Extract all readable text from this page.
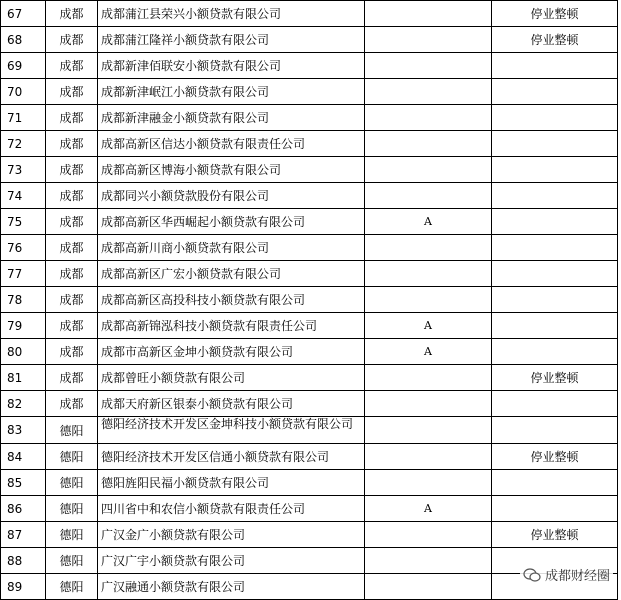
67	成都	成都蒲江县荣兴小额贷款有限公司		停业整顿
68	成都	成都蒲江隆祥小额贷款有限公司		停业整顿
69	成都	成都新津佰联安小额贷款有限公司		
70	成都	成都新津岷江小额贷款有限公司		
71	成都	成都新津融金小额贷款有限公司		
72	成都	成都高新区信达小额贷款有限责任公司		
73	成都	成都高新区博海小额贷款有限公司		
74	成都	成都同兴小额贷款股份有限公司		
75	成都	成都高新区华西崛起小额贷款有限公司	A	
76	成都	成都高新川商小额贷款有限公司		
77	成都	成都高新区广宏小额贷款有限公司		
78	成都	成都高新区高投科技小额贷款有限公司		
79	成都	成都高新锦泓科技小额贷款有限责任公司	A	
80	成都	成都市高新区金坤小额贷款有限公司	A	
81	成都	成都曾旺小额贷款有限公司		停业整顿
82	成都	成都天府新区银泰小额贷款有限公司		
83	德阳	德阳经济技术开发区金坤科技小额贷款有限公司		
84	德阳	德阳经济技术开发区信通小额贷款有限公司		停业整顿
85	德阳	德阳旌阳民福小额贷款有限公司		
86	德阳	四川省中和农信小额贷款有限责任公司	A	
87	德阳	广汉金广小额贷款有限公司		停业整顿
88	德阳	广汉广宇小额贷款有限公司		
89	德阳	广汉融通小额贷款有限公司		
成都财经圈
